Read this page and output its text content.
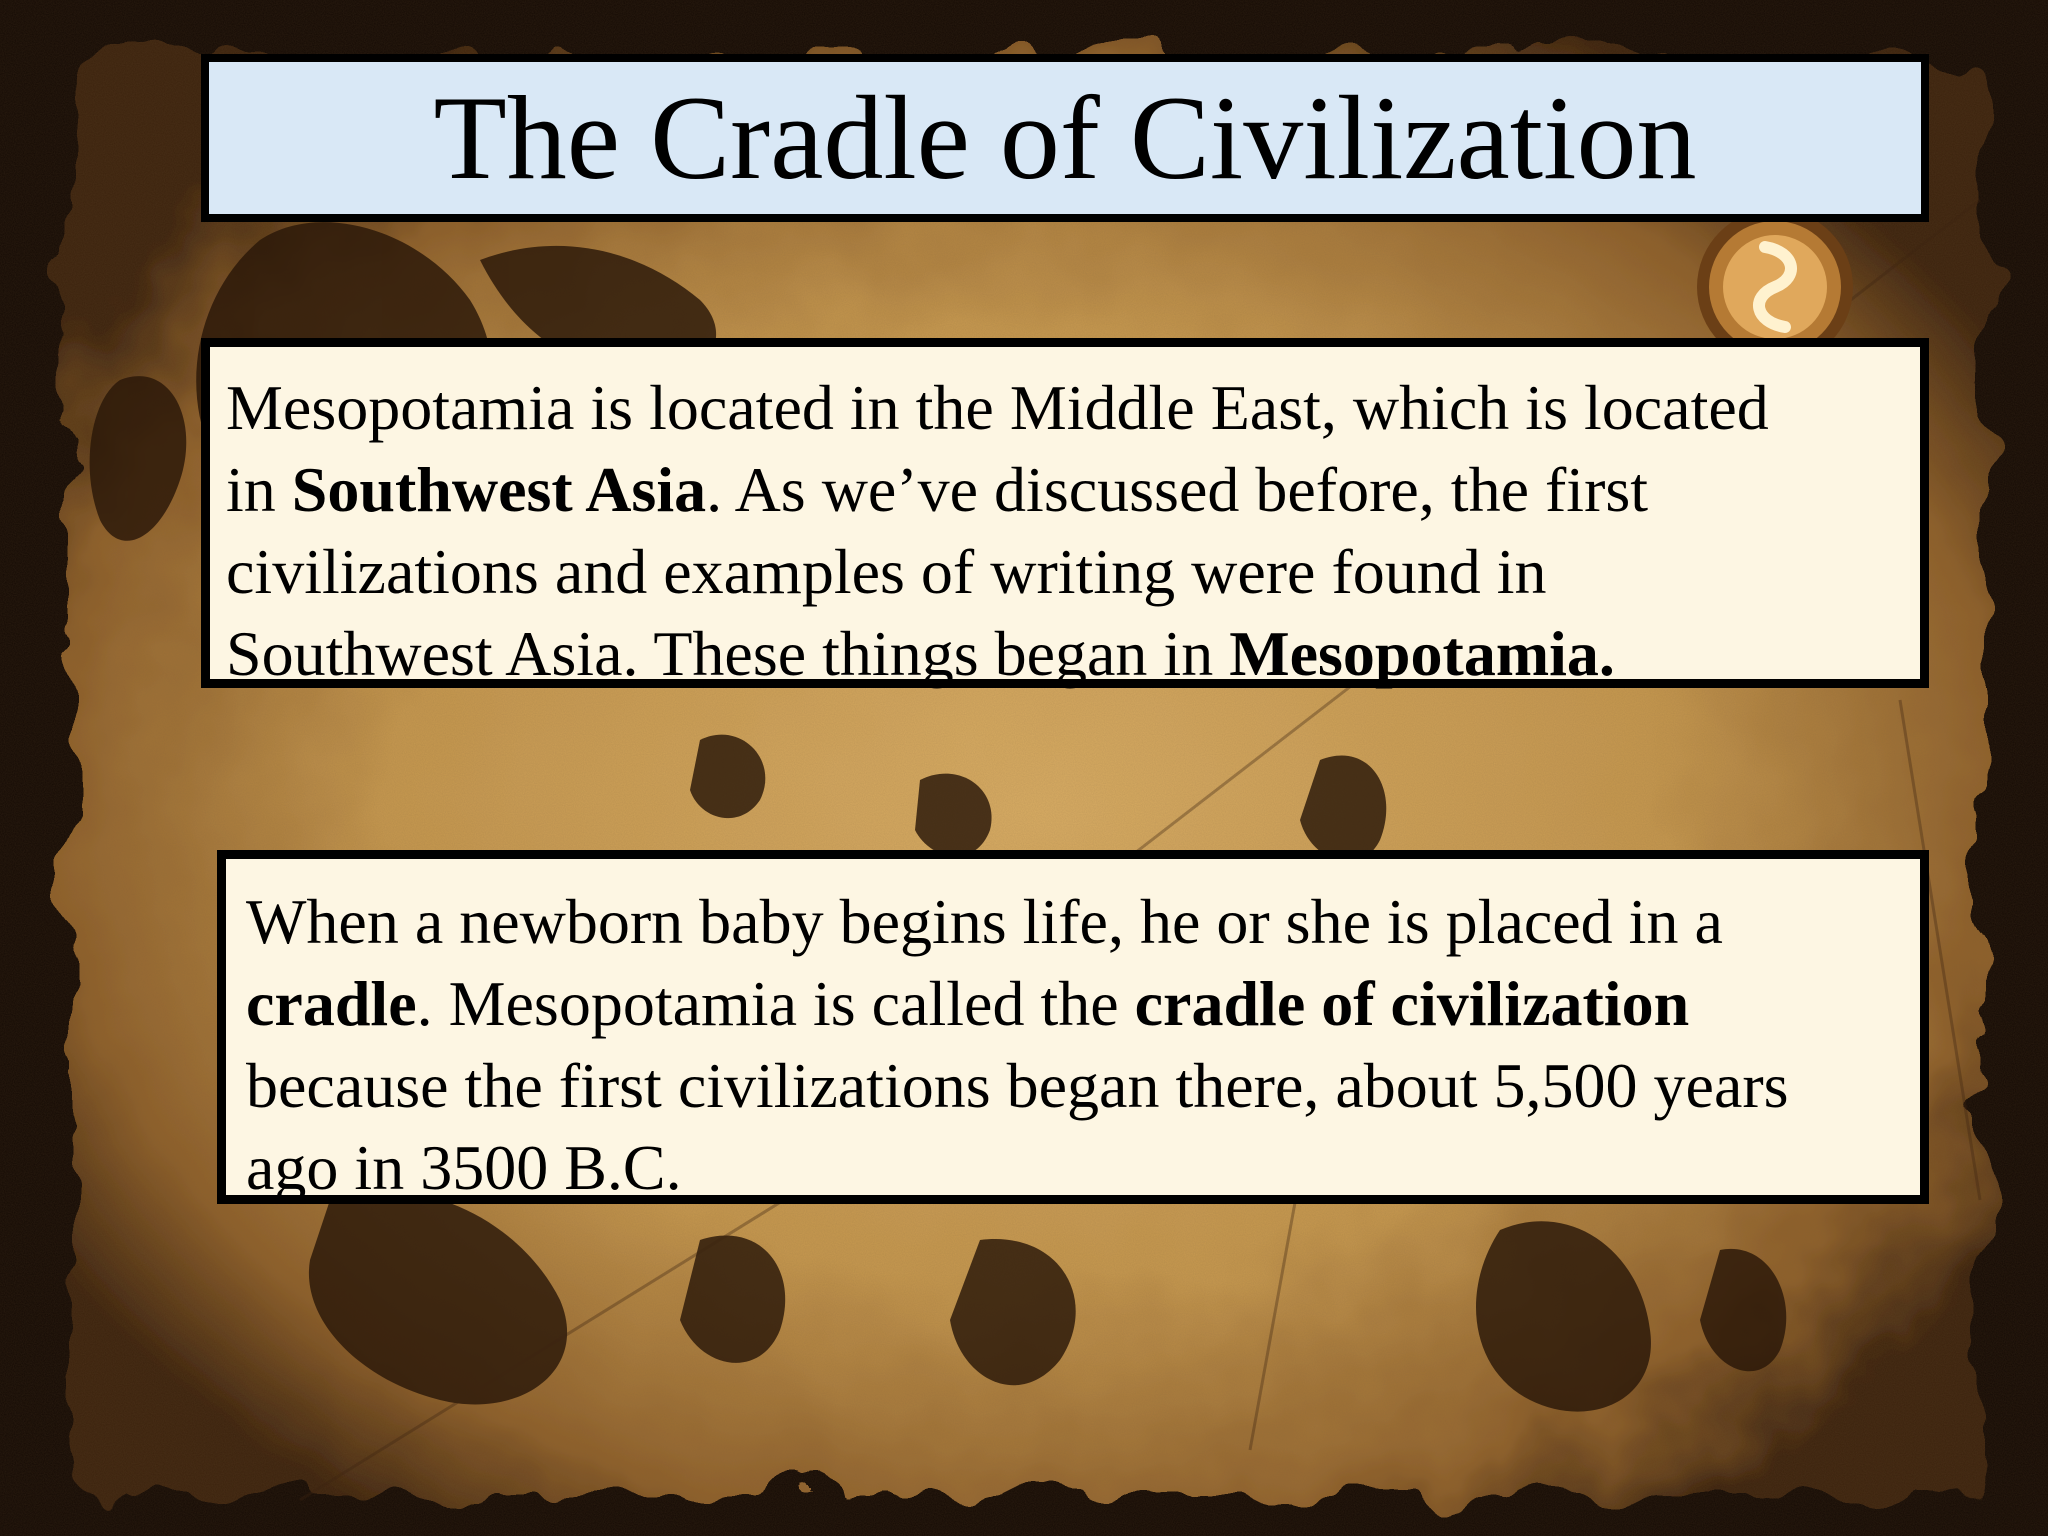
The Cradle of Civilization
Mesopotamia is located in the Middle East, which is located
in Southwest Asia. As we’ve discussed before, the first
civilizations and examples of writing were found in
Southwest Asia. These things began in Mesopotamia.
When a newborn baby begins life, he or she is placed in a
cradle. Mesopotamia is called the cradle of civilization
because the first civilizations began there, about 5,500 years
ago in 3500 B.C.
